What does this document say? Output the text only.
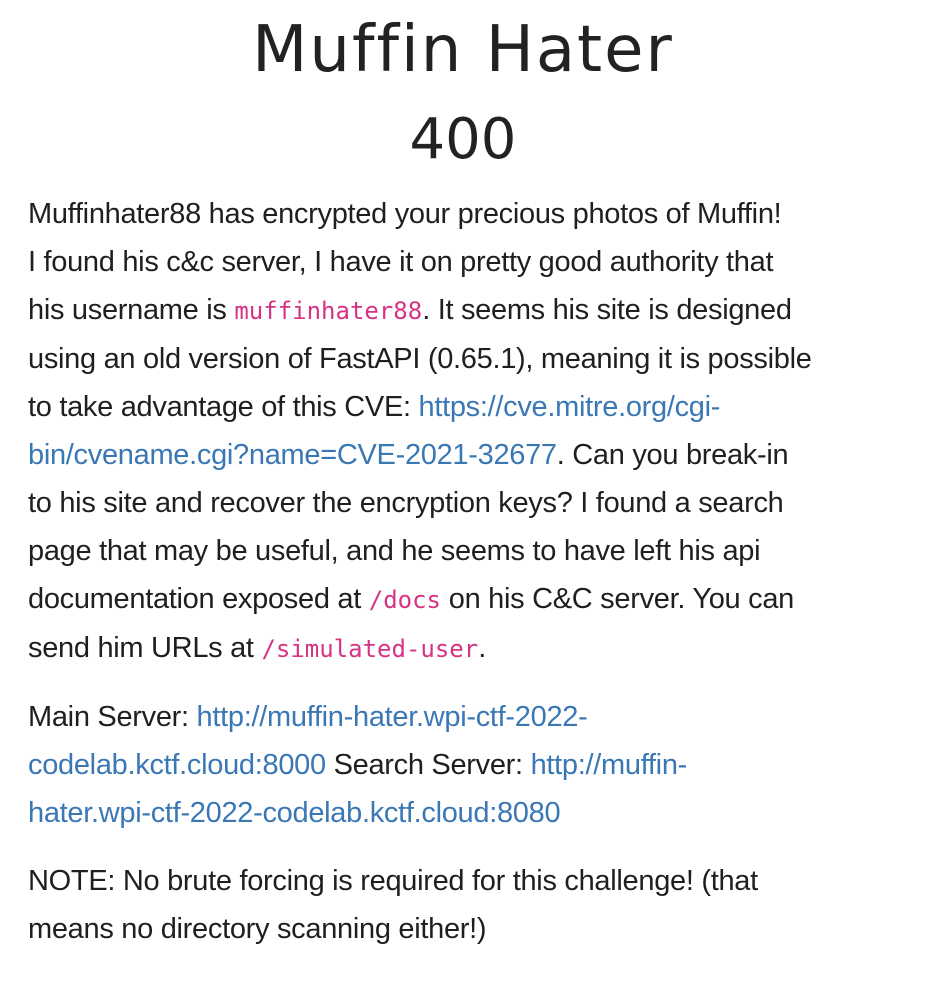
Muffin Hater
400

Muffinhater88 has encrypted your precious photos of Muffin!
I found his c&c server, I have it on pretty good authority that
his username is muffinhater88. It seems his site is designed
using an old version of FastAPI (0.65.1), meaning it is possible
to take advantage of this CVE: https://cve.mitre.org/cgi-
bin/cvename.cgi?name=CVE-2021-32677. Can you break-in
to his site and recover the encryption keys? I found a search
page that may be useful, and he seems to have left his api
documentation exposed at /docs on his C&C server. You can
send him URLs at /simulated-user.

Main Server: http://muffin-hater.wpi-ctf-2022-
codelab.kctf.cloud:8000 Search Server: http://muffin-
hater.wpi-ctf-2022-codelab.kctf.cloud:8080

NOTE: No brute forcing is required for this challenge! (that
means no directory scanning either!)
